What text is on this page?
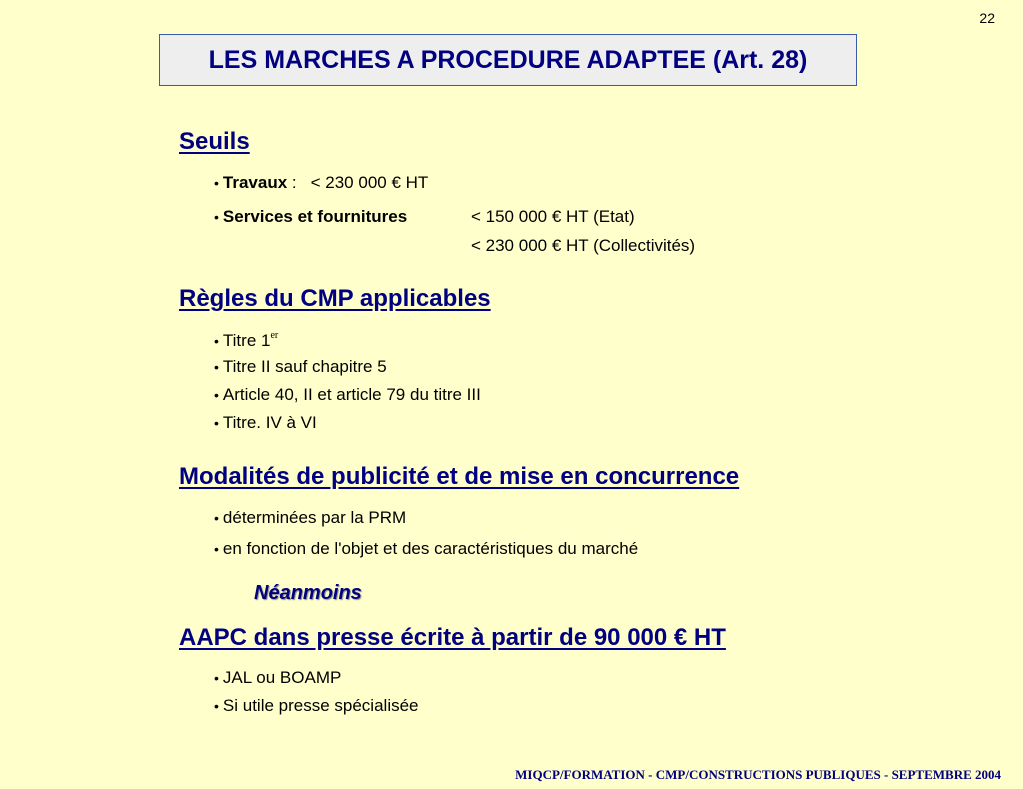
22
LES MARCHES A PROCEDURE ADAPTEE (Art. 28)
Seuils
• Travaux : < 230 000 € HT
• Services et fournitures	< 150 000 € HT (Etat)
< 230 000 € HT (Collectivités)
Règles du CMP applicables
• Titre 1er
• Titre II sauf chapitre 5
• Article 40, II et article 79 du titre III
• Titre. IV à VI
Modalités de publicité et de mise en concurrence
• déterminées par la PRM
• en fonction de l'objet et des caractéristiques du marché
Néanmoins
AAPC dans presse écrite à partir de 90 000 € HT
• JAL ou BOAMP
• Si utile presse spécialisée
MIQCP/FORMATION - CMP/CONSTRUCTIONS PUBLIQUES - SEPTEMBRE 2004
